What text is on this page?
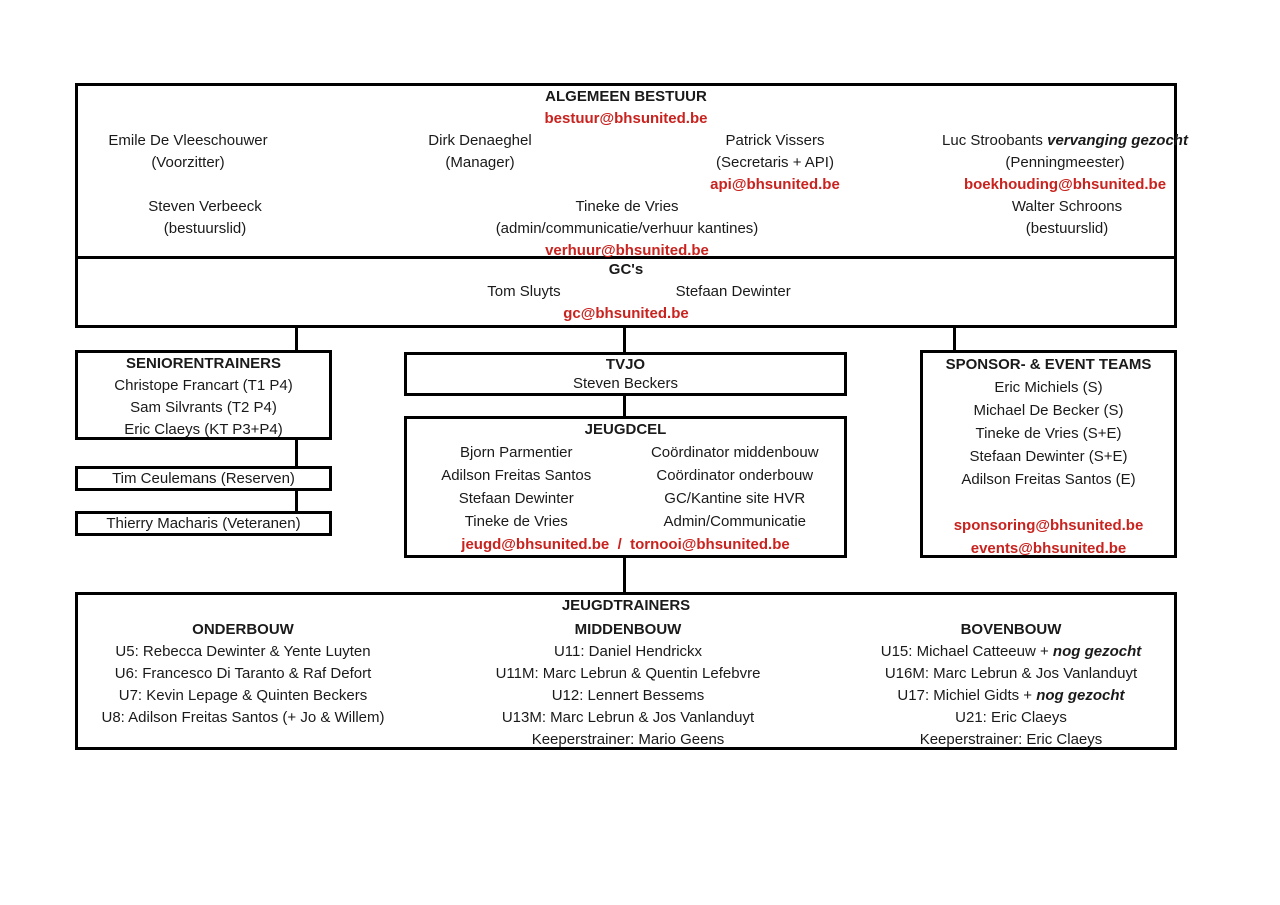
ALGEMEEN BESTUUR
bestuur@bhsunited.be
Emile De Vleeschouwer
(Voorzitter)
Dirk Denaeghel
(Manager)
Patrick Vissers
(Secretaris + API)
api@bhsunited.be
Luc Stroobants vervanging gezocht
(Penningmeester)
boekhouding@bhsunited.be
Steven Verbeeck
(bestuurslid)
Tineke de Vries
(admin/communicatie/verhuur kantines)
verhuur@bhsunited.be
Walter Schroons
(bestuurslid)
GC's
Tom Sluyts	Stefaan Dewinter
gc@bhsunited.be
SENIORENTRAINERS
Christope Francart (T1 P4)
Sam Silvrants (T2 P4)
Eric Claeys (KT P3+P4)
Tim Ceulemans (Reserven)
Thierry Macharis (Veteranen)
TVJO
Steven Beckers
JEUGDCEL
Bjorn Parmentier	Coördinator middenbouw
Adilson Freitas Santos	Coördinator onderbouw
Stefaan Dewinter	GC/Kantine site HVR
Tineke de Vries	Admin/Communicatie
jeugd@bhsunited.be  /  tornooi@bhsunited.be
SPONSOR- & EVENT TEAMS
Eric Michiels (S)
Michael De Becker (S)
Tineke de Vries (S+E)
Stefaan Dewinter (S+E)
Adilson Freitas Santos (E)
sponsoring@bhsunited.be
events@bhsunited.be
JEUGDTRAINERS
ONDERBOUW
U5: Rebecca Dewinter & Yente Luyten
U6: Francesco Di Taranto & Raf Defort
U7: Kevin Lepage & Quinten Beckers
U8: Adilson Freitas Santos (+ Jo & Willem)
MIDDENBOUW
U11: Daniel Hendrickx
U11M: Marc Lebrun & Quentin Lefebvre
U12: Lennert Bessems
U13M: Marc Lebrun & Jos Vanlanduyt
Keeperstrainer: Mario Geens
BOVENBOUW
U15: Michael Catteeuw + nog gezocht
U16M: Marc Lebrun & Jos Vanlanduyt
U17: Michiel Gidts + nog gezocht
U21: Eric Claeys
Keeperstrainer: Eric Claeys
